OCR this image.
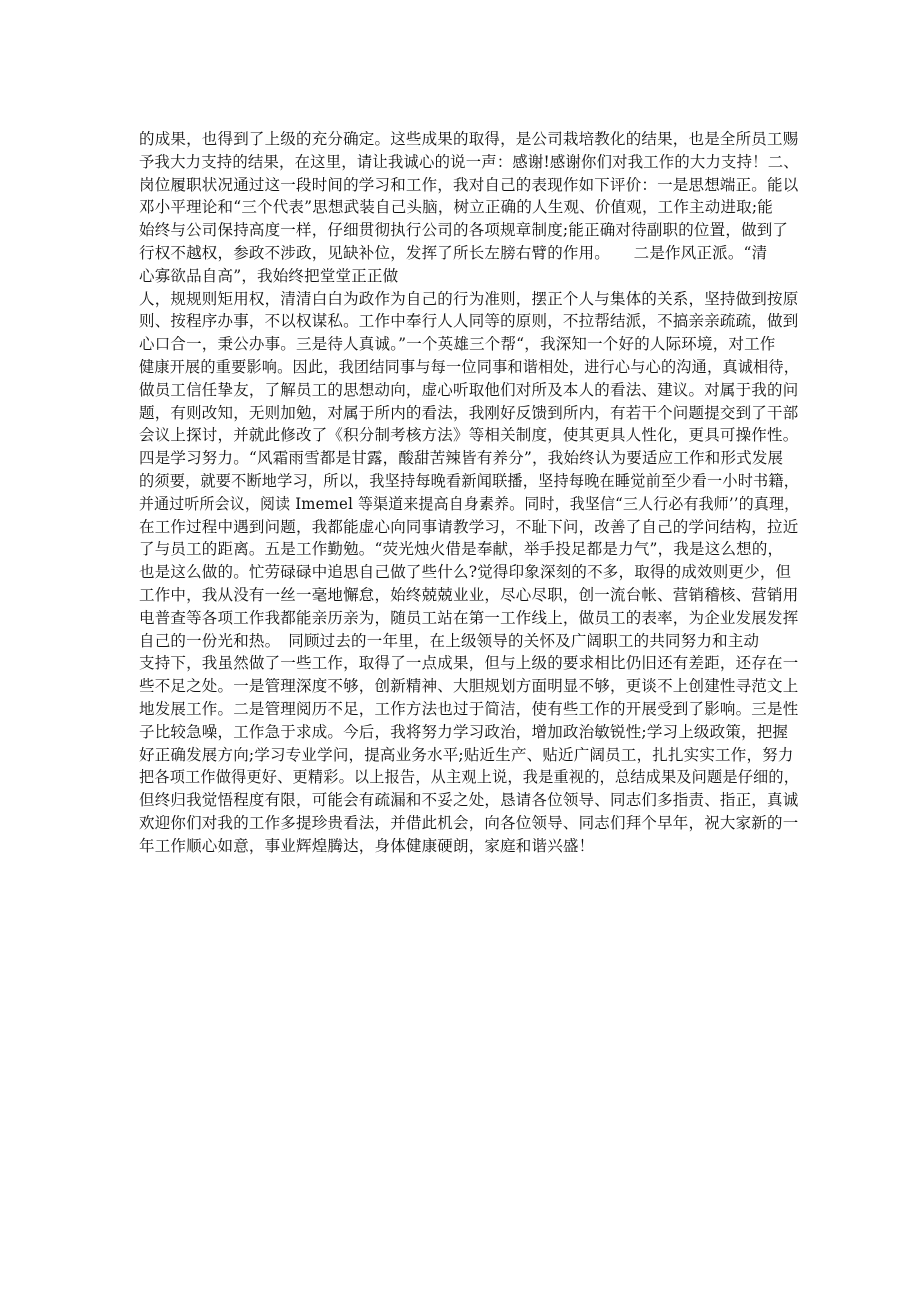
的成果，也得到了上级的充分确定。这些成果的取得，是公司栽培教化的结果，也是全所员工赐
予我大力支持的结果，在这里，请让我诚心的说一声：感谢!感谢你们对我工作的大力支持！二、
岗位履职状况通过这一段时间的学习和工作，我对自己的表现作如下评价：一是思想端正。能以
邓小平理论和“三个代表”思想武装自己头脑，树立正确的人生观、价值观，工作主动进取;能
始终与公司保持高度一样，仔细贯彻执行公司的各项规章制度;能正确对待副职的位置，做到了
行权不越权，参政不涉政，见缺补位，发挥了所长左膀右臂的作用。　　二是作风正派。“清
心寡欲品自高”，我始终把堂堂正正做
人，规规则矩用权，清清白白为政作为自己的行为准则，摆正个人与集体的关系，坚持做到按原
则、按程序办事，不以权谋私。工作中奉行人人同等的原则，不拉帮结派，不搞亲亲疏疏，做到
心口合一，秉公办事。三是待人真诚。”一个英雄三个帮“，我深知一个好的人际环境，对工作
健康开展的重要影响。因此，我团结同事与每一位同事和谐相处，进行心与心的沟通，真诚相待，
做员工信任挚友，了解员工的思想动向，虚心听取他们对所及本人的看法、建议。对属于我的问
题，有则改知，无则加勉，对属于所内的看法，我刚好反馈到所内，有若干个问题提交到了干部
会议上探讨，并就此修改了《积分制考核方法》等相关制度，使其更具人性化，更具可操作性。
四是学习努力。“风霜雨雪都是甘露，酸甜苦辣皆有养分”，我始终认为要适应工作和形式发展
的须要，就要不断地学习，所以，我坚持每晚看新闻联播，坚持每晚在睡觉前至少看一小时书籍，
并通过听所会议，阅读 Imemel 等渠道来提高自身素养。同时，我坚信“三人行必有我师’’的真理，
在工作过程中遇到问题，我都能虚心向同事请教学习，不耻下问，改善了自己的学问结构，拉近
了与员工的距离。五是工作勤勉。“荧光烛火借是奉献，举手投足都是力气”，我是这么想的，
也是这么做的。忙劳碌碌中追思自己做了些什么?觉得印象深刻的不多，取得的成效则更少，但
工作中，我从没有一丝一毫地懈怠，始终兢兢业业，尽心尽职，创一流台帐、营销稽核、营销用
电普查等各项工作我都能亲历亲为，随员工站在第一工作线上，做员工的表率，为企业发展发挥
自己的一份光和热。　同顾过去的一年里，在上级领导的关怀及广阔职工的共同努力和主动
支持下，我虽然做了一些工作，取得了一点成果，但与上级的要求相比仍旧还有差距，还存在一
些不足之处。一是管理深度不够，创新精神、大胆规划方面明显不够，更谈不上创建性寻范文上
地发展工作。二是管理阅历不足，工作方法也过于简洁，使有些工作的开展受到了影响。三是性
子比较急噪，工作急于求成。今后，我将努力学习政治，增加政治敏锐性;学习上级政策，把握
好正确发展方向;学习专业学问，提高业务水平;贴近生产、贴近广阔员工，扎扎实实工作，努力
把各项工作做得更好、更精彩。以上报告，从主观上说，我是重视的，总结成果及问题是仔细的，
但终归我觉悟程度有限，可能会有疏漏和不妥之处，恳请各位领导、同志们多指责、指正，真诚
欢迎你们对我的工作多提珍贵看法，并借此机会，向各位领导、同志们拜个早年，祝大家新的一
年工作顺心如意，事业辉煌腾达，身体健康硬朗，家庭和谐兴盛！
